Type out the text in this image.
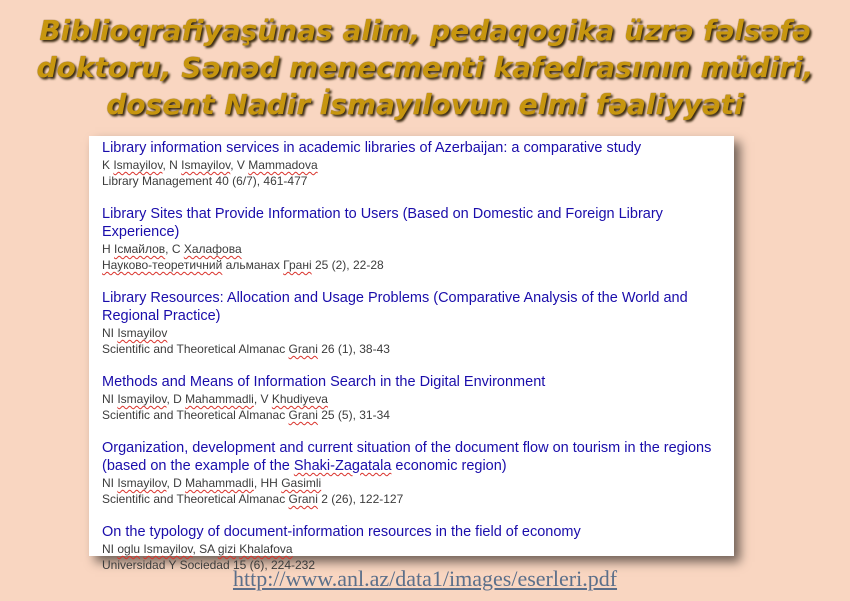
Biblioqrafiyaşünas alim, pedaqogika üzrə fəlsəfə
doktoru, Sənəd menecmenti kafedrasının müdiri,
dosent Nadir İsmayılovun elmi fəaliyyəti
Library information services in academic libraries of Azerbaijan: a comparative study
K Ismayilov, N Ismayilov, V Mammadova
Library Management 40 (6/7), 461-477
Library Sites that Provide Information to Users (Based on Domestic and Foreign Library Experience)
Н Ісмайлов, С Халафова
Науково-теоретичний альманах Грані 25 (2), 22-28
Library Resources: Allocation and Usage Problems (Comparative Analysis of the World and Regional Practice)
NI Ismayilov
Scientific and Theoretical Almanac Grani 26 (1), 38-43
Methods and Means of Information Search in the Digital Environment
NI Ismayilov, D Mahammadli, V Khudiyeva
Scientific and Theoretical Almanac Grani 25 (5), 31-34
Organization, development and current situation of the document flow on tourism in the regions (based on the example of the Shaki-Zagatala economic region)
NI Ismayilov, D Mahammadli, HH Gasimli
Scientific and Theoretical Almanac Grani 2 (26), 122-127
On the typology of document-information resources in the field of economy
NI oglu Ismayilov, SA gizi Khalafova
Universidad Y Sociedad 15 (6), 224-232
http://www.anl.az/data1/images/eserleri.pdf
